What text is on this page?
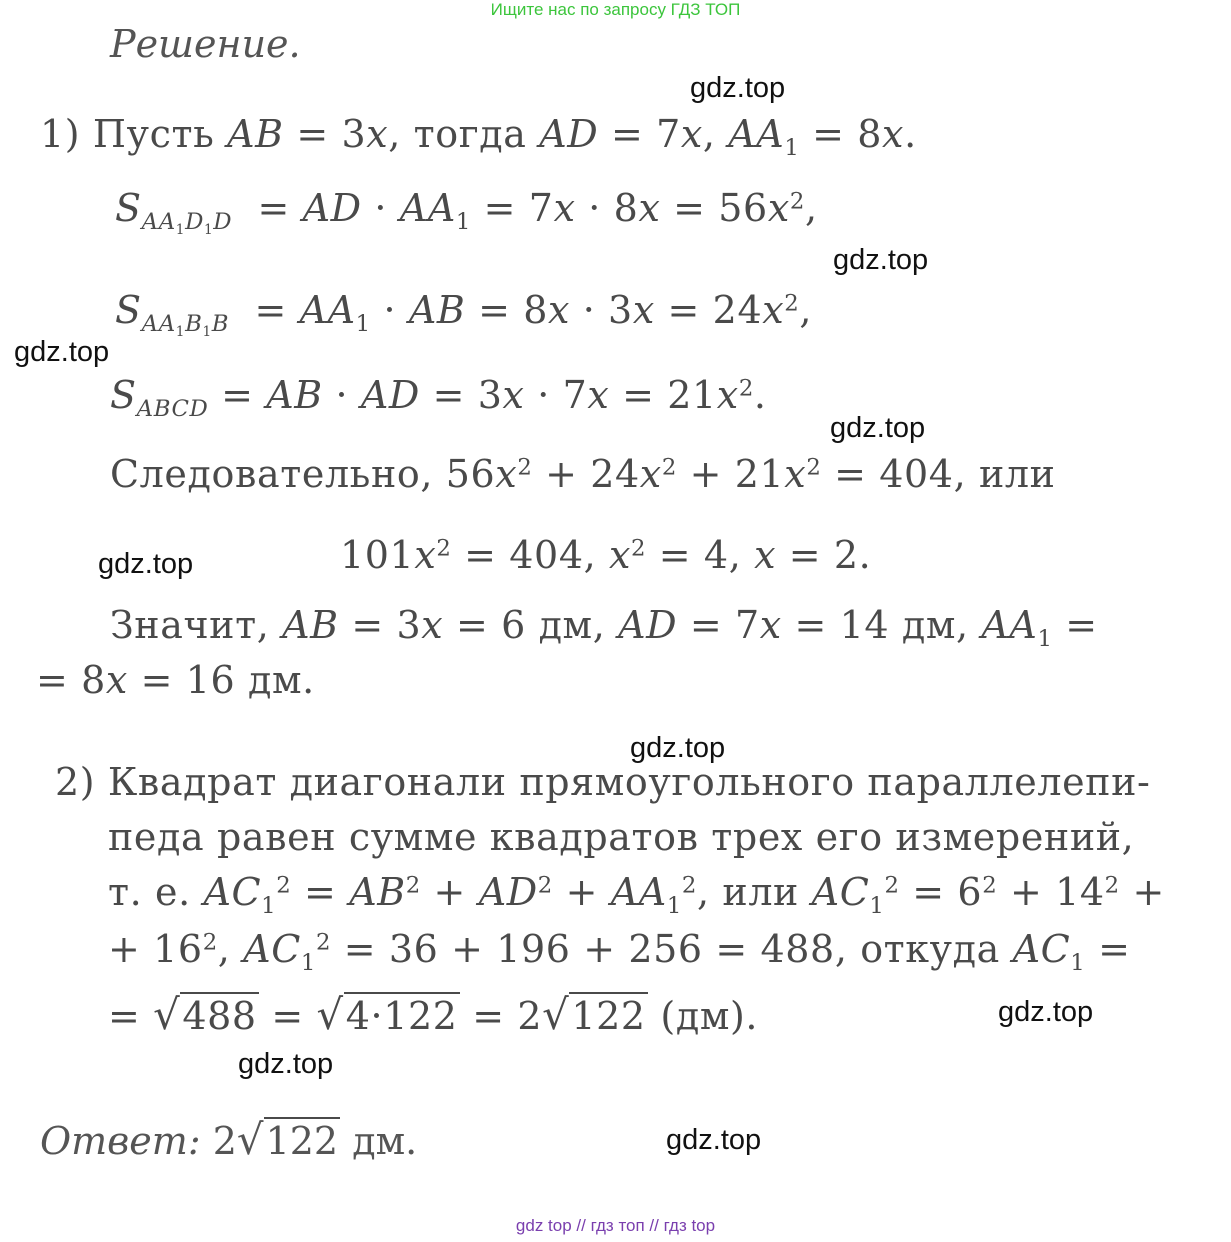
Ищите нас по запросу ГДЗ ТОП
Решение.
1) Пусть AB = 3x, тогда AD = 7x, $AA_1 = 8x$.
$S_{AA_1D_1D}$  = AD · $AA_1 = 7x \cdot 8x = 56x^2$,
$S_{AA_1B_1B} = AA_1$ · AB = $8x \cdot 3x = 24x^2$,
$S_{ABCD}$ = AB · AD = $3x \cdot 7x = 21x^2$.
Следовательно, $56x^2 + 24x^2 + 21x^2 = 404$, или
$101x^2 = 404$, $x^2 = 4$, x = 2.
Значит, AB = 3x = 6 дм, AD = 7x = 14 дм, $AA_1$ =
= 8x = 16 дм.
2) Квадрат диагонали прямоугольного параллелепи-
педа равен сумме квадратов трех его измерений,
т. е. $AC_1^2 = AB^2 + AD^2 + AA_1^2$, или $AC_1^2 = 6^2 + 14^2$ +
+ $16^2$, $AC_1^2 = 36 + 196 + 256 = 488$, откуда $AC_1$ =
= √488 = √4·122 = 2√122 (дм).
Ответ: 2√122 дм.
gdz.top
gdz.top
gdz.top
gdz.top
gdz.top
gdz.top
gdz.top
gdz.top
gdz.top
gdz top // гдз топ // гдз top
